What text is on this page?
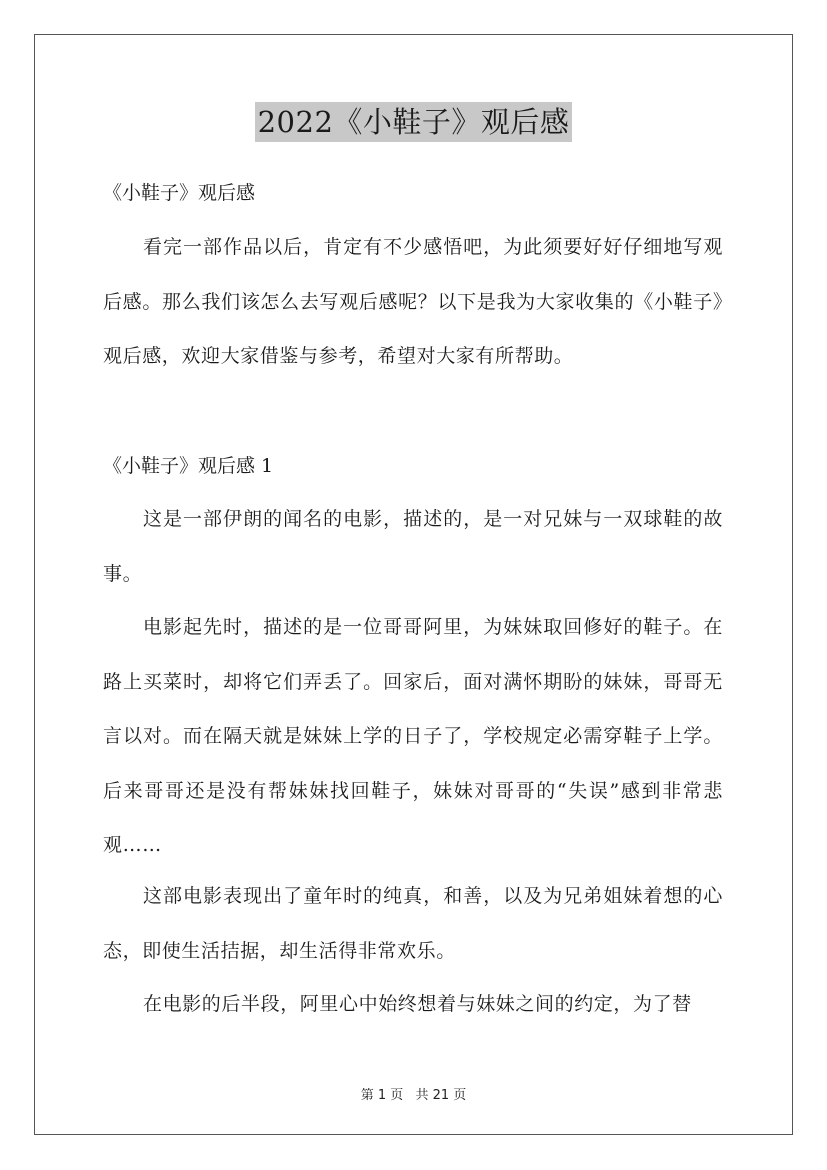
2022《小鞋子》观后感
《小鞋子》观后感
看完一部作品以后，肯定有不少感悟吧，为此须要好好仔细地写观后感。那么我们该怎么去写观后感呢？以下是我为大家收集的《小鞋子》观后感，欢迎大家借鉴与参考，希望对大家有所帮助。
《小鞋子》观后感 1
这是一部伊朗的闻名的电影，描述的，是一对兄妹与一双球鞋的故事。
电影起先时，描述的是一位哥哥阿里，为妹妹取回修好的鞋子。在路上买菜时，却将它们弄丢了。回家后，面对满怀期盼的妹妹，哥哥无言以对。而在隔天就是妹妹上学的日子了，学校规定必需穿鞋子上学。后来哥哥还是没有帮妹妹找回鞋子，妹妹对哥哥的“失误”感到非常悲观……
这部电影表现出了童年时的纯真，和善，以及为兄弟姐妹着想的心态，即使生活拮据，却生活得非常欢乐。
在电影的后半段，阿里心中始终想着与妹妹之间的约定，为了替
第 1 页 共 21 页
